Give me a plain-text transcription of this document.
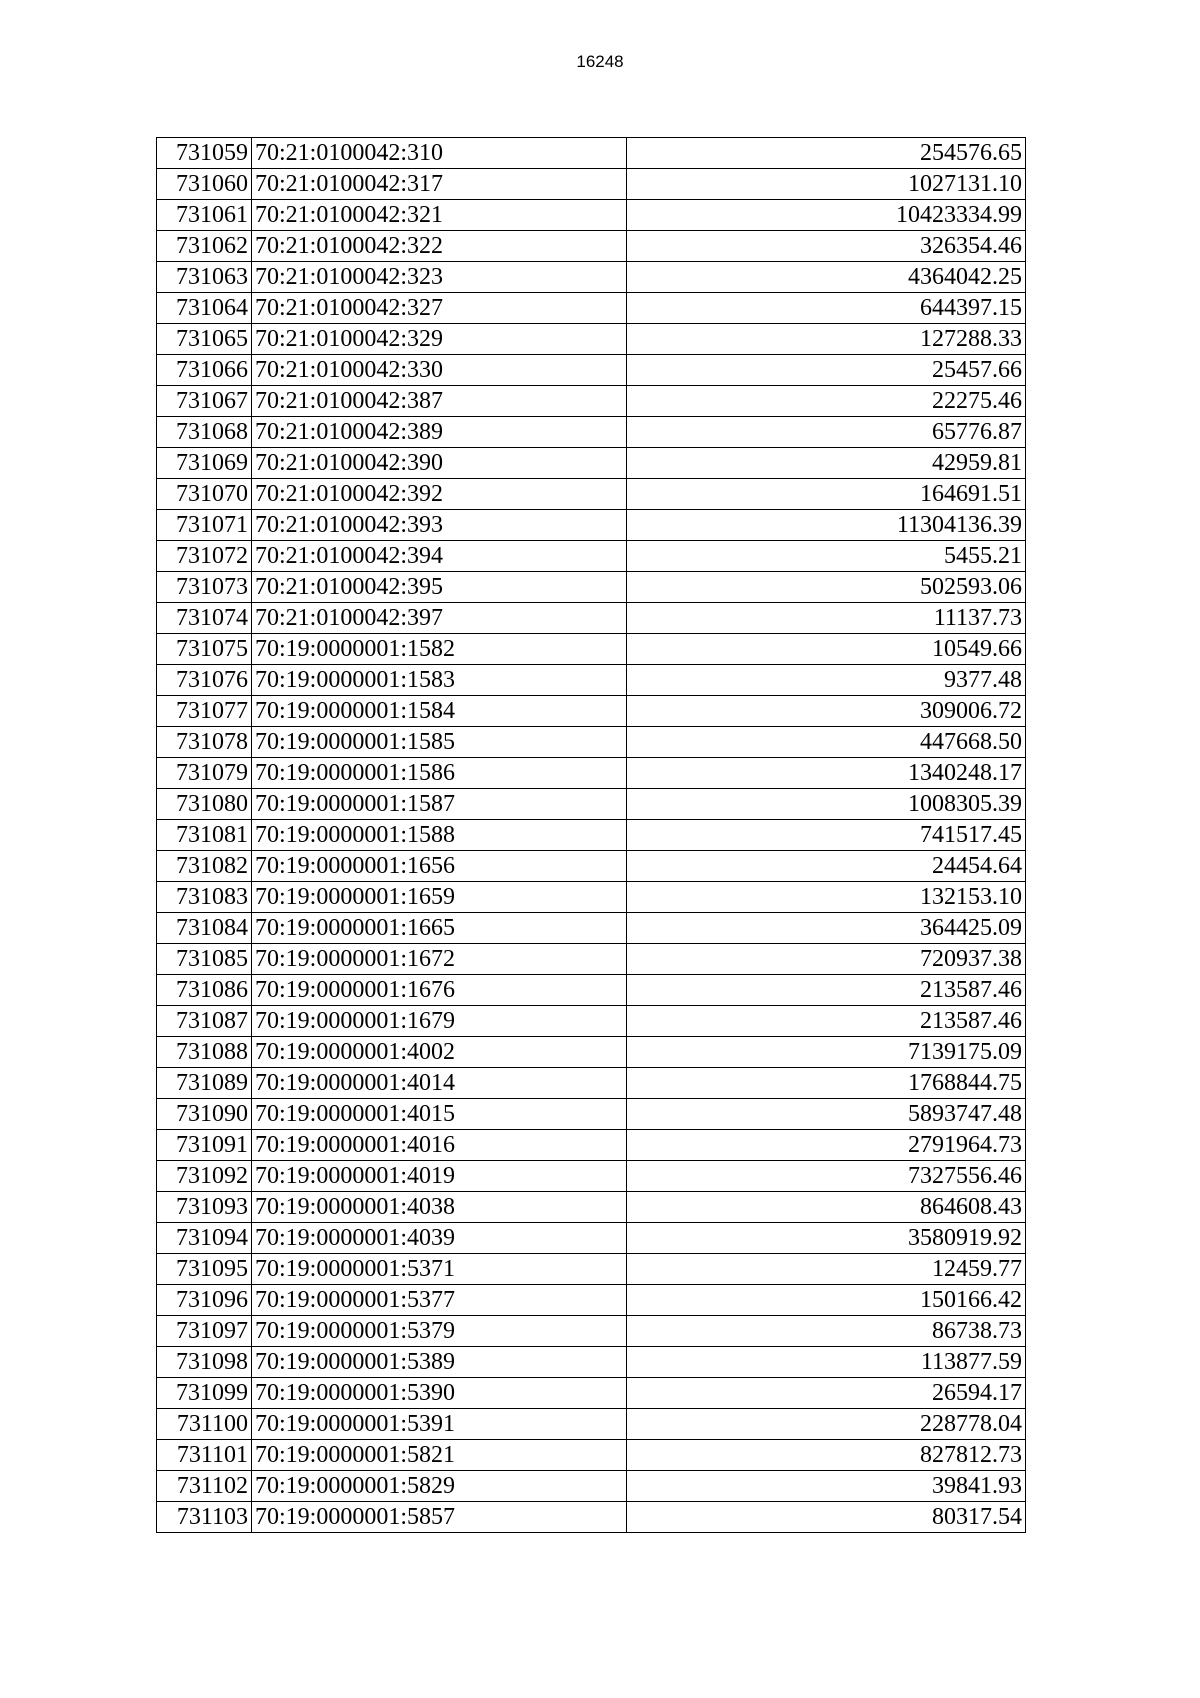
16248
731059	70:21:0100042:310	254576.65
731060	70:21:0100042:317	1027131.10
731061	70:21:0100042:321	10423334.99
731062	70:21:0100042:322	326354.46
731063	70:21:0100042:323	4364042.25
731064	70:21:0100042:327	644397.15
731065	70:21:0100042:329	127288.33
731066	70:21:0100042:330	25457.66
731067	70:21:0100042:387	22275.46
731068	70:21:0100042:389	65776.87
731069	70:21:0100042:390	42959.81
731070	70:21:0100042:392	164691.51
731071	70:21:0100042:393	11304136.39
731072	70:21:0100042:394	5455.21
731073	70:21:0100042:395	502593.06
731074	70:21:0100042:397	11137.73
731075	70:19:0000001:1582	10549.66
731076	70:19:0000001:1583	9377.48
731077	70:19:0000001:1584	309006.72
731078	70:19:0000001:1585	447668.50
731079	70:19:0000001:1586	1340248.17
731080	70:19:0000001:1587	1008305.39
731081	70:19:0000001:1588	741517.45
731082	70:19:0000001:1656	24454.64
731083	70:19:0000001:1659	132153.10
731084	70:19:0000001:1665	364425.09
731085	70:19:0000001:1672	720937.38
731086	70:19:0000001:1676	213587.46
731087	70:19:0000001:1679	213587.46
731088	70:19:0000001:4002	7139175.09
731089	70:19:0000001:4014	1768844.75
731090	70:19:0000001:4015	5893747.48
731091	70:19:0000001:4016	2791964.73
731092	70:19:0000001:4019	7327556.46
731093	70:19:0000001:4038	864608.43
731094	70:19:0000001:4039	3580919.92
731095	70:19:0000001:5371	12459.77
731096	70:19:0000001:5377	150166.42
731097	70:19:0000001:5379	86738.73
731098	70:19:0000001:5389	113877.59
731099	70:19:0000001:5390	26594.17
731100	70:19:0000001:5391	228778.04
731101	70:19:0000001:5821	827812.73
731102	70:19:0000001:5829	39841.93
731103	70:19:0000001:5857	80317.54
